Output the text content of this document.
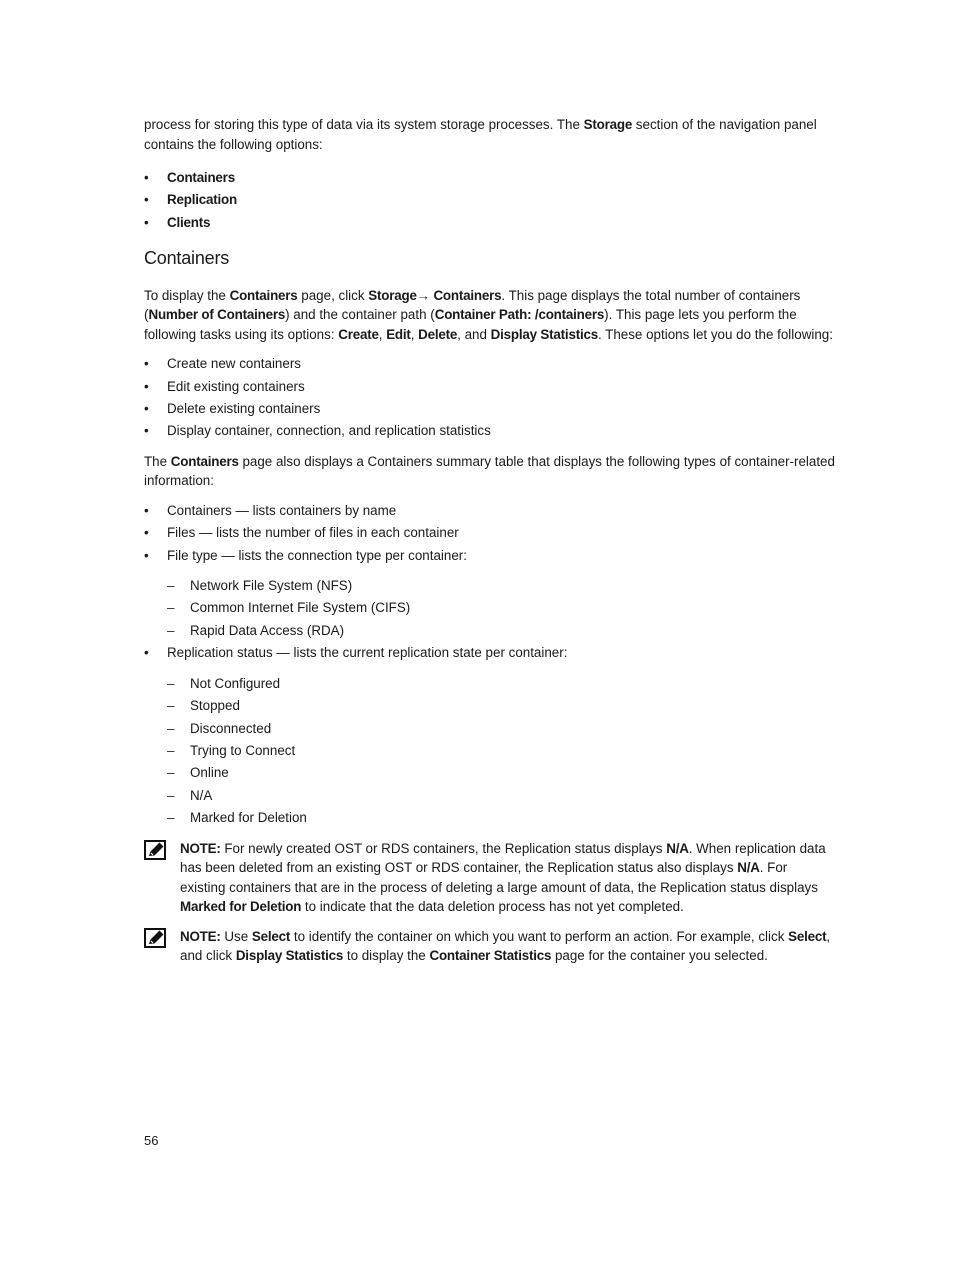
process for storing this type of data via its system storage processes. The Storage section of the navigation panel contains the following options:

• Containers
• Replication
• Clients
Containers

To display the Containers page, click Storage→ Containers. This page displays the total number of containers (Number of Containers) and the container path (Container Path: /containers). This page lets you perform the following tasks using its options: Create, Edit, Delete, and Display Statistics. These options let you do the following:

• Create new containers
• Edit existing containers
• Delete existing containers
• Display container, connection, and replication statistics

The Containers page also displays a Containers summary table that displays the following types of container-related information:

• Containers — lists containers by name
• Files — lists the number of files in each container
• File type — lists the connection type per container:
– Network File System (NFS)
– Common Internet File System (CIFS)
– Rapid Data Access (RDA)
• Replication status — lists the current replication state per container:
– Not Configured
– Stopped
– Disconnected
– Trying to Connect
– Online
– N/A
– Marked for Deletion

NOTE: For newly created OST or RDS containers, the Replication status displays N/A. When replication data has been deleted from an existing OST or RDS container, the Replication status also displays N/A. For existing containers that are in the process of deleting a large amount of data, the Replication status displays Marked for Deletion to indicate that the data deletion process has not yet completed.

NOTE: Use Select to identify the container on which you want to perform an action. For example, click Select, and click Display Statistics to display the Container Statistics page for the container you selected.

56
